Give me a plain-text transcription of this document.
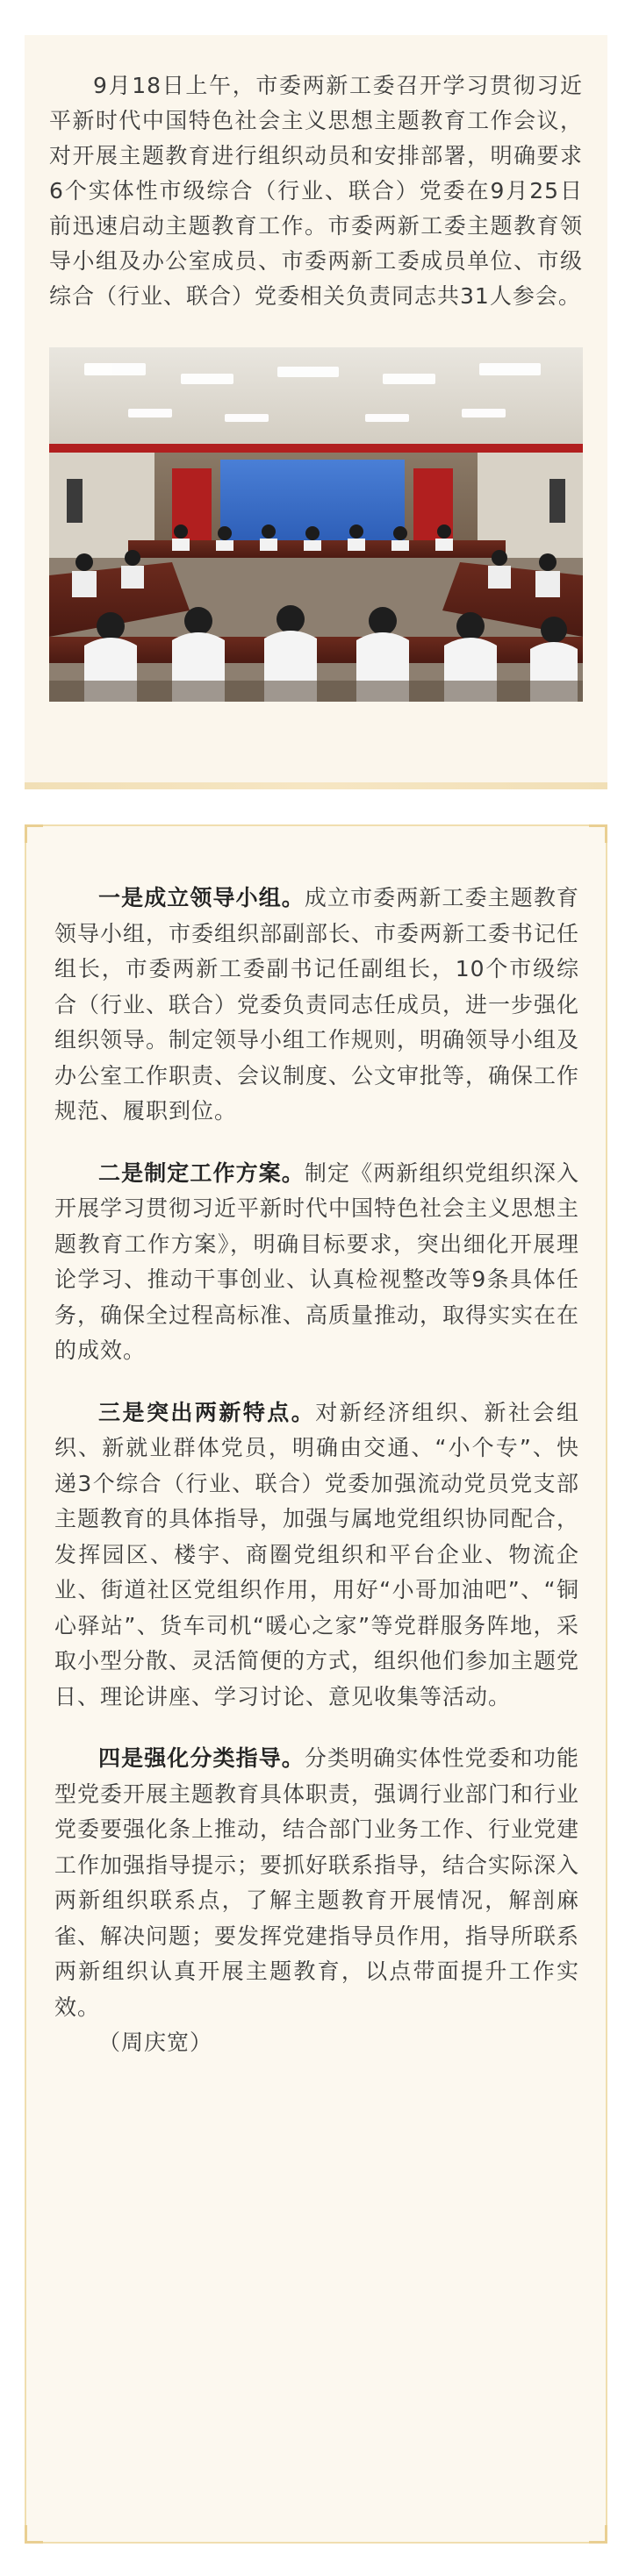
9月18日上午，市委两新工委召开学习贯彻习近平新时代中国特色社会主义思想主题教育工作会议，对开展主题教育进行组织动员和安排部署，明确要求6个实体性市级综合（行业、联合）党委在9月25日前迅速启动主题教育工作。市委两新工委主题教育领导小组及办公室成员、市委两新工委成员单位、市级综合（行业、联合）党委相关负责同志共31人参会。

一是成立领导小组。成立市委两新工委主题教育领导小组，市委组织部副部长、市委两新工委书记任组长，市委两新工委副书记任副组长，10个市级综合（行业、联合）党委负责同志任成员，进一步强化组织领导。制定领导小组工作规则，明确领导小组及办公室工作职责、会议制度、公文审批等，确保工作规范、履职到位。

二是制定工作方案。制定《两新组织党组织深入开展学习贯彻习近平新时代中国特色社会主义思想主题教育工作方案》，明确目标要求，突出细化开展理论学习、推动干事创业、认真检视整改等9条具体任务，确保全过程高标准、高质量推动，取得实实在在的成效。

三是突出两新特点。对新经济组织、新社会组织、新就业群体党员，明确由交通、“小个专”、快递3个综合（行业、联合）党委加强流动党员党支部主题教育的具体指导，加强与属地党组织协同配合，发挥园区、楼宇、商圈党组织和平台企业、物流企业、街道社区党组织作用，用好“小哥加油吧”、“铜心驿站”、货车司机“暖心之家”等党群服务阵地，采取小型分散、灵活简便的方式，组织他们参加主题党日、理论讲座、学习讨论、意见收集等活动。

四是强化分类指导。分类明确实体性党委和功能型党委开展主题教育具体职责，强调行业部门和行业党委要强化条上推动，结合部门业务工作、行业党建工作加强指导提示；要抓好联系指导，结合实际深入两新组织联系点，了解主题教育开展情况，解剖麻雀、解决问题；要发挥党建指导员作用，指导所联系两新组织认真开展主题教育，以点带面提升工作实效。
（周庆宽）
